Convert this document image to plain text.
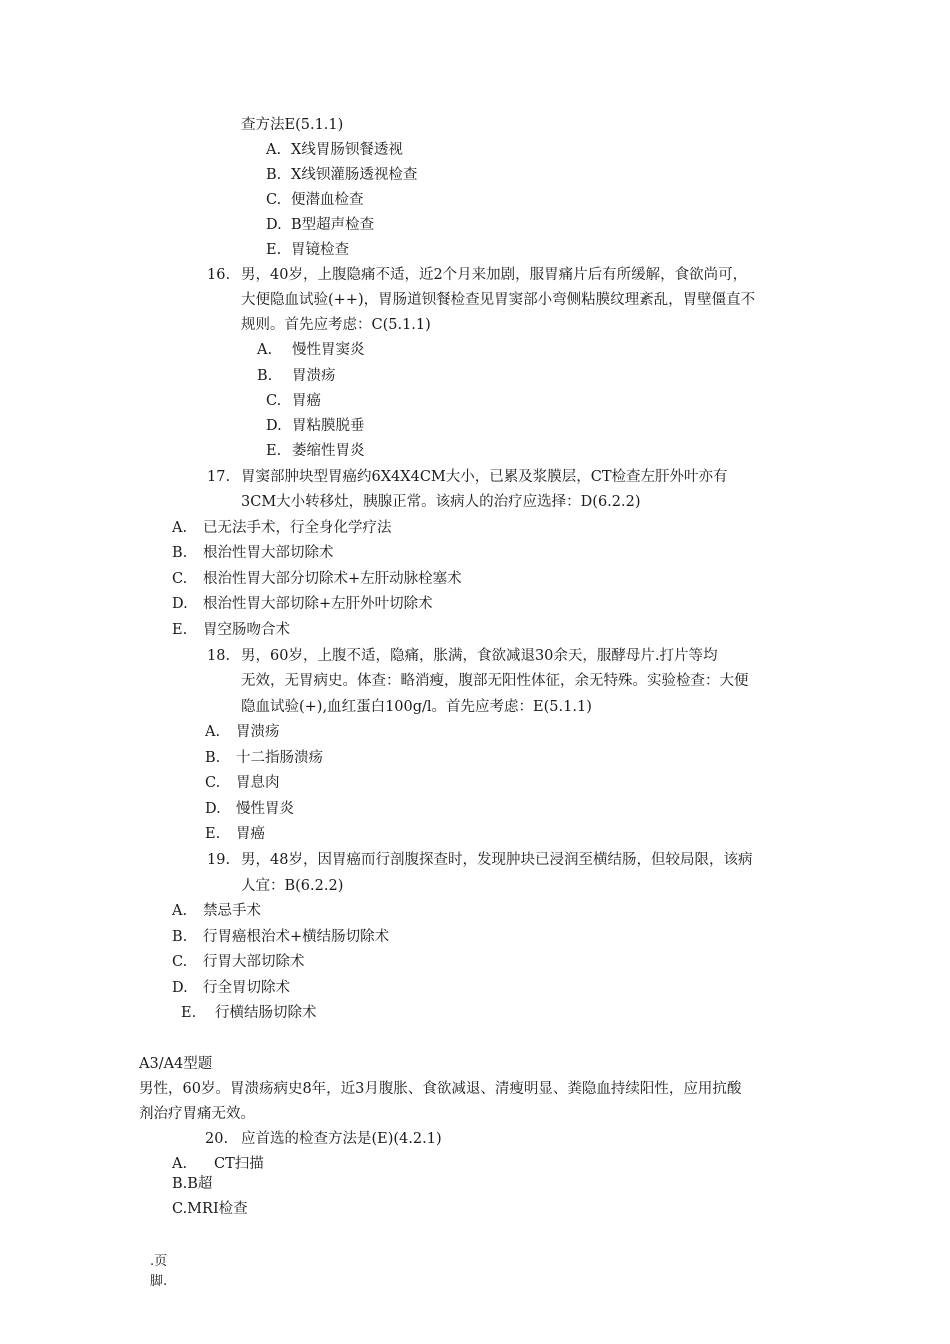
查方法E(5.1.1)
A. X线胃肠钡餐透视
B. X线钡灌肠透视检查
C. 便潜血检查
D. B型超声检查
E. 胃镜检查
16. 男，40岁，上腹隐痛不适，近2个月来加剧，服胃痛片后有所缓解，食欲尚可，
大便隐血试验(++)，胃肠道钡餐检查见胃窦部小弯侧粘膜纹理紊乱，胃壁僵直不
规则。首先应考虑：C(5.1.1)
A. 慢性胃窦炎
B. 胃溃疡
C. 胃癌
D. 胃粘膜脱垂
E. 萎缩性胃炎
17. 胃窦部肿块型胃癌约6X4X4CM大小，已累及浆膜层，CT检查左肝外叶亦有
3CM大小转移灶，胰腺正常。该病人的治疗应选择：D(6.2.2)
A. 已无法手术，行全身化学疗法
B. 根治性胃大部切除术
C. 根治性胃大部分切除术+左肝动脉栓塞术
D. 根治性胃大部切除+左肝外叶切除术
E. 胃空肠吻合术
18. 男，60岁，上腹不适，隐痛，胀满，食欲减退30余天，服酵母片.打片等均
无效，无胃病史。体查：略消瘦，腹部无阳性体征，余无特殊。实验检查：大便
隐血试验(+),血红蛋白100g/l。首先应考虑：E(5.1.1)
A. 胃溃疡
B. 十二指肠溃疡
C. 胃息肉
D. 慢性胃炎
E. 胃癌
19. 男，48岁，因胃癌而行剖腹探查时，发现肿块已浸润至横结肠，但较局限，该病
人宜：B(6.2.2)
A. 禁忌手术
B. 行胃癌根治术+横结肠切除术
C. 行胃大部切除术
D. 行全胃切除术
E. 行横结肠切除术
A3/A4型题
男性，60岁。胃溃疡病史8年，近3月腹胀、食欲减退、清瘦明显、粪隐血持续阳性，应用抗酸
剂治疗胃痛无效。
20. 应首选的检查方法是(E)(4.2.1)
A. CT扫描
B.B超
C.MRI检查
.页
脚.
